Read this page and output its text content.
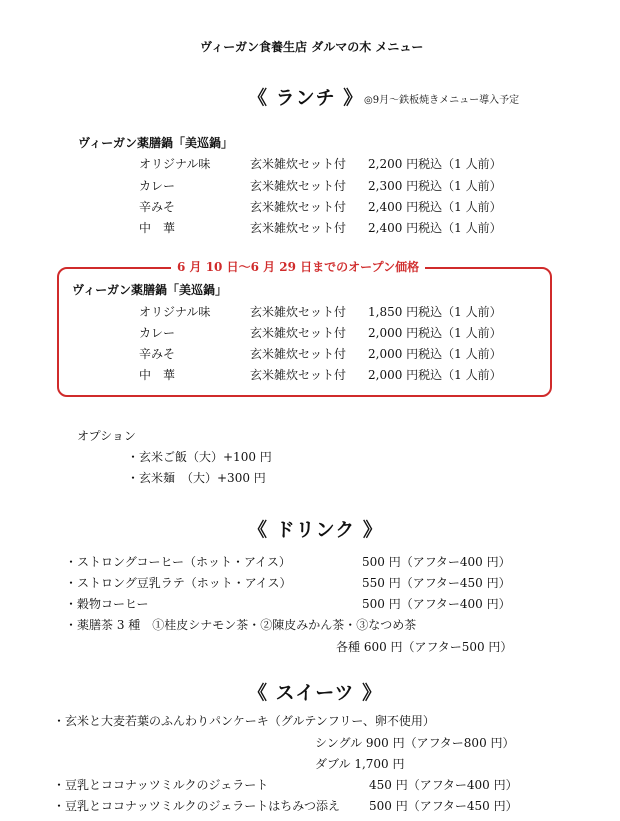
ヴィーガン食養生店 ダルマの木 メニュー
《 ランチ 》 ◎9月〜鉄板焼きメニュー導入予定
ヴィーガン薬膳鍋「美巡鍋」
オリジナル味	玄米雑炊セット付 2,200 円税込（1 人前）
カレー	玄米雑炊セット付 2,300 円税込（1 人前）
辛みそ	玄米雑炊セット付 2,400 円税込（1 人前）
中　華	玄米雑炊セット付 2,400 円税込（1 人前）
6 月 10 日〜6 月 29 日までのオープン価格
ヴィーガン薬膳鍋「美巡鍋」
オリジナル味	玄米雑炊セット付 1,850 円税込（1 人前）
カレー	玄米雑炊セット付 2,000 円税込（1 人前）
辛みそ	玄米雑炊セット付 2,000 円税込（1 人前）
中　華	玄米雑炊セット付 2,000 円税込（1 人前）
オプション
・玄米ご飯（大）+100 円
・玄米麺　（大）+300 円
《 ドリンク 》
・ストロングコーヒー（ホット・アイス）	500 円（アフター400 円）
・ストロング豆乳ラテ（ホット・アイス）	550 円（アフター450 円）
・穀物コーヒー	500 円（アフター400 円）
・薬膳茶 3 種　①桂皮シナモン茶・②陳皮みかん茶・③なつめ茶
各種 600 円（アフター500 円）
《 スイーツ 》
・玄米と大麦若葉のふんわりパンケーキ（グルテンフリー、卵不使用）
シングル 900 円（アフター800 円）
ダブル 1,700 円
・豆乳とココナッツミルクのジェラート	450 円（アフター400 円）
・豆乳とココナッツミルクのジェラートはちみつ添え 500 円（アフター450 円）
